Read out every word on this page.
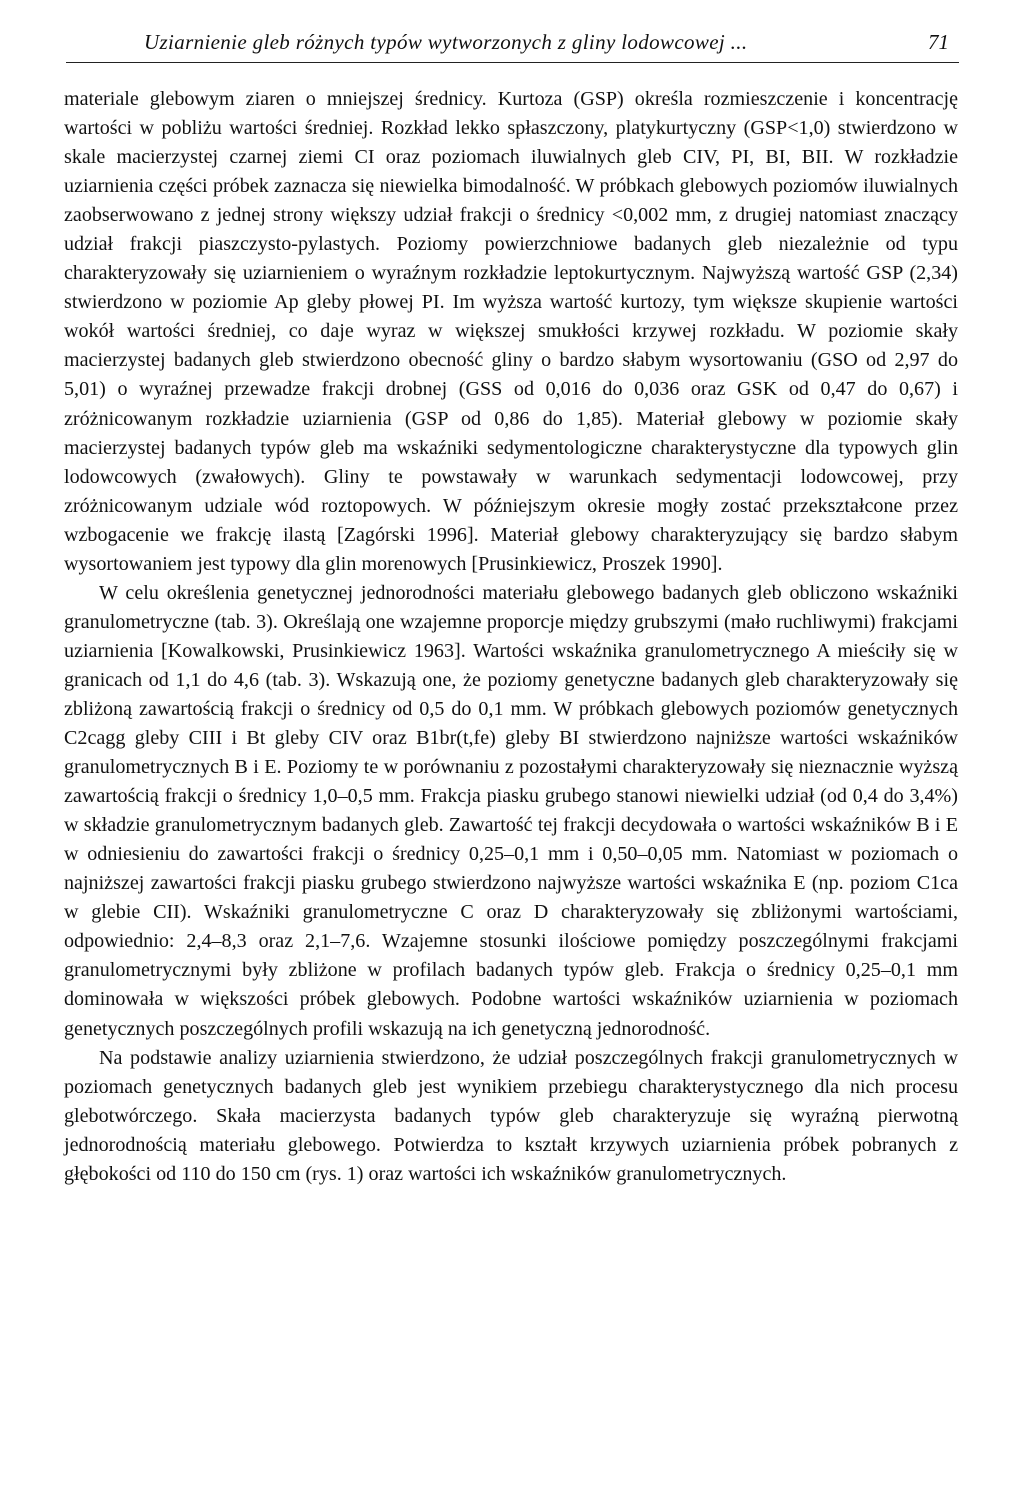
Uziarnienie gleb różnych typów wytworzonych z gliny lodowcowej ...	71

materiale glebowym ziaren o mniejszej średnicy. Kurtoza (GSP) określa rozmieszczenie i koncentrację wartości w pobliżu wartości średniej. Rozkład lekko spłaszczony, platykurtyczny (GSP<1,0) stwierdzono w skale macierzystej czarnej ziemi CI oraz poziomach iluwialnych gleb CIV, PI, BI, BII. W rozkładzie uziarnienia części próbek zaznacza się niewielka bimodalność. W próbkach glebowych poziomów iluwialnych zaobserwowano z jednej strony większy udział frakcji o średnicy <0,002 mm, z drugiej natomiast znaczący udział frakcji piaszczysto-pylastych. Poziomy powierzchniowe badanych gleb niezależnie od typu charakteryzowały się uziarnieniem o wyraźnym rozkładzie leptokurtycznym. Najwyższą wartość GSP (2,34) stwierdzono w poziomie Ap gleby płowej PI. Im wyższa wartość kurtozy, tym większe skupienie wartości wokół wartości średniej, co daje wyraz w większej smukłości krzywej rozkładu. W poziomie skały macierzystej badanych gleb stwierdzono obecność gliny o bardzo słabym wysortowaniu (GSO od 2,97 do 5,01) o wyraźnej przewadze frakcji drobnej (GSS od 0,016 do 0,036 oraz GSK od 0,47 do 0,67) i zróżnicowanym rozkładzie uziarnienia (GSP od 0,86 do 1,85). Materiał glebowy w poziomie skały macierzystej badanych typów gleb ma wskaźniki sedymentologiczne charakterystyczne dla typowych glin lodowcowych (zwałowych). Gliny te powstawały w warunkach sedymentacji lodowcowej, przy zróżnicowanym udziale wód roztopowych. W późniejszym okresie mogły zostać przekształcone przez wzbogacenie we frakcję ilastą [Zagórski 1996]. Materiał glebowy charakteryzujący się bardzo słabym wysortowaniem jest typowy dla glin morenowych [Prusinkiewicz, Proszek 1990].

W celu określenia genetycznej jednorodności materiału glebowego badanych gleb obliczono wskaźniki granulometryczne (tab. 3). Określają one wzajemne proporcje między grubszymi (mało ruchliwymi) frakcjami uziarnienia [Kowalkowski, Prusinkiewicz 1963]. Wartości wskaźnika granulometrycznego A mieściły się w granicach od 1,1 do 4,6 (tab. 3). Wskazują one, że poziomy genetyczne badanych gleb charakteryzowały się zbliżoną zawartością frakcji o średnicy od 0,5 do 0,1 mm. W próbkach glebowych poziomów genetycznych C2cagg gleby CIII i Bt gleby CIV oraz B1br(t,fe) gleby BI stwierdzono najniższe wartości wskaźników granulometrycznych B i E. Poziomy te w porównaniu z pozostałymi charakteryzowały się nieznacznie wyższą zawartością frakcji o średnicy 1,0–0,5 mm. Frakcja piasku grubego stanowi niewielki udział (od 0,4 do 3,4%) w składzie granulometrycznym badanych gleb. Zawartość tej frakcji decydowała o wartości wskaźników B i E w odniesieniu do zawartości frakcji o średnicy 0,25–0,1 mm i 0,50–0,05 mm. Natomiast w poziomach o najniższej zawartości frakcji piasku grubego stwierdzono najwyższe wartości wskaźnika E (np. poziom C1ca w glebie CII). Wskaźniki granulometryczne C oraz D charakteryzowały się zbliżonymi wartościami, odpowiednio: 2,4–8,3 oraz 2,1–7,6. Wzajemne stosunki ilościowe pomiędzy poszczególnymi frakcjami granulometrycznymi były zbliżone w profilach badanych typów gleb. Frakcja o średnicy 0,25–0,1 mm dominowała w większości próbek glebowych. Podobne wartości wskaźników uziarnienia w poziomach genetycznych poszczególnych profili wskazują na ich genetyczną jednorodność.

Na podstawie analizy uziarnienia stwierdzono, że udział poszczególnych frakcji granulometrycznych w poziomach genetycznych badanych gleb jest wynikiem przebiegu charakterystycznego dla nich procesu glebotwórczego. Skała macierzysta badanych typów gleb charakteryzuje się wyraźną pierwotną jednorodnością materiału glebowego. Potwierdza to kształt krzywych uziarnienia próbek pobranych z głębokości od 110 do 150 cm (rys. 1) oraz wartości ich wskaźników granulometrycznych.
